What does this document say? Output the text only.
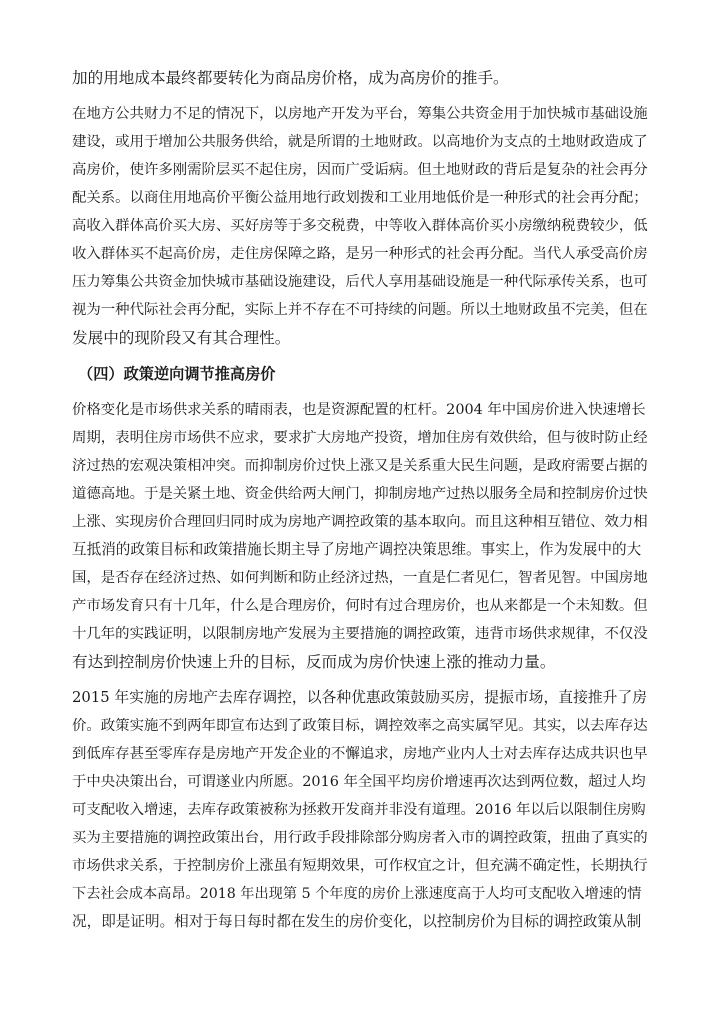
加的用地成本最终都要转化为商品房价格，成为高房价的推手。

在地方公共财力不足的情况下，以房地产开发为平台，筹集公共资金用于加快城市基础设施

建设，或用于增加公共服务供给，就是所谓的土地财政。以高地价为支点的土地财政造成了

高房价，使许多刚需阶层买不起住房，因而广受诟病。但土地财政的背后是复杂的社会再分

配关系。以商住用地高价平衡公益用地行政划拨和工业用地低价是一种形式的社会再分配；

高收入群体高价买大房、买好房等于多交税费，中等收入群体高价买小房缴纳税费较少，低

收入群体买不起高价房，走住房保障之路，是另一种形式的社会再分配。当代人承受高价房

压力筹集公共资金加快城市基础设施建设，后代人享用基础设施是一种代际承传关系，也可

视为一种代际社会再分配，实际上并不存在不可持续的问题。所以土地财政虽不完美，但在

发展中的现阶段又有其合理性。

（四）政策逆向调节推高房价

价格变化是市场供求关系的晴雨表，也是资源配置的杠杆。2004 年中国房价进入快速增长

周期，表明住房市场供不应求，要求扩大房地产投资，增加住房有效供给，但与彼时防止经

济过热的宏观决策相冲突。而抑制房价过快上涨又是关系重大民生问题，是政府需要占据的

道德高地。于是关紧土地、资金供给两大闸门，抑制房地产过热以服务全局和控制房价过快

上涨、实现房价合理回归同时成为房地产调控政策的基本取向。而且这种相互错位、效力相

互抵消的政策目标和政策措施长期主导了房地产调控决策思维。事实上，作为发展中的大

国，是否存在经济过热、如何判断和防止经济过热，一直是仁者见仁，智者见智。中国房地

产市场发育只有十几年，什么是合理房价，何时有过合理房价，也从来都是一个未知数。但

十几年的实践证明，以限制房地产发展为主要措施的调控政策，违背市场供求规律，不仅没

有达到控制房价快速上升的目标，反而成为房价快速上涨的推动力量。

2015 年实施的房地产去库存调控，以各种优惠政策鼓励买房，提振市场，直接推升了房

价。政策实施不到两年即宣布达到了政策目标，调控效率之高实属罕见。其实，以去库存达

到低库存甚至零库存是房地产开发企业的不懈追求，房地产业内人士对去库存达成共识也早

于中央决策出台，可谓遂业内所愿。2016 年全国平均房价增速再次达到两位数，超过人均

可支配收入增速，去库存政策被称为拯救开发商并非没有道理。2016 年以后以限制住房购

买为主要措施的调控政策出台，用行政手段排除部分购房者入市的调控政策，扭曲了真实的

市场供求关系，于控制房价上涨虽有短期效果，可作权宜之计，但充满不确定性，长期执行

下去社会成本高昂。2018 年出现第 5 个年度的房价上涨速度高于人均可支配收入增速的情

况，即是证明。相对于每日每时都在发生的房价变化，以控制房价为目标的调控政策从制
